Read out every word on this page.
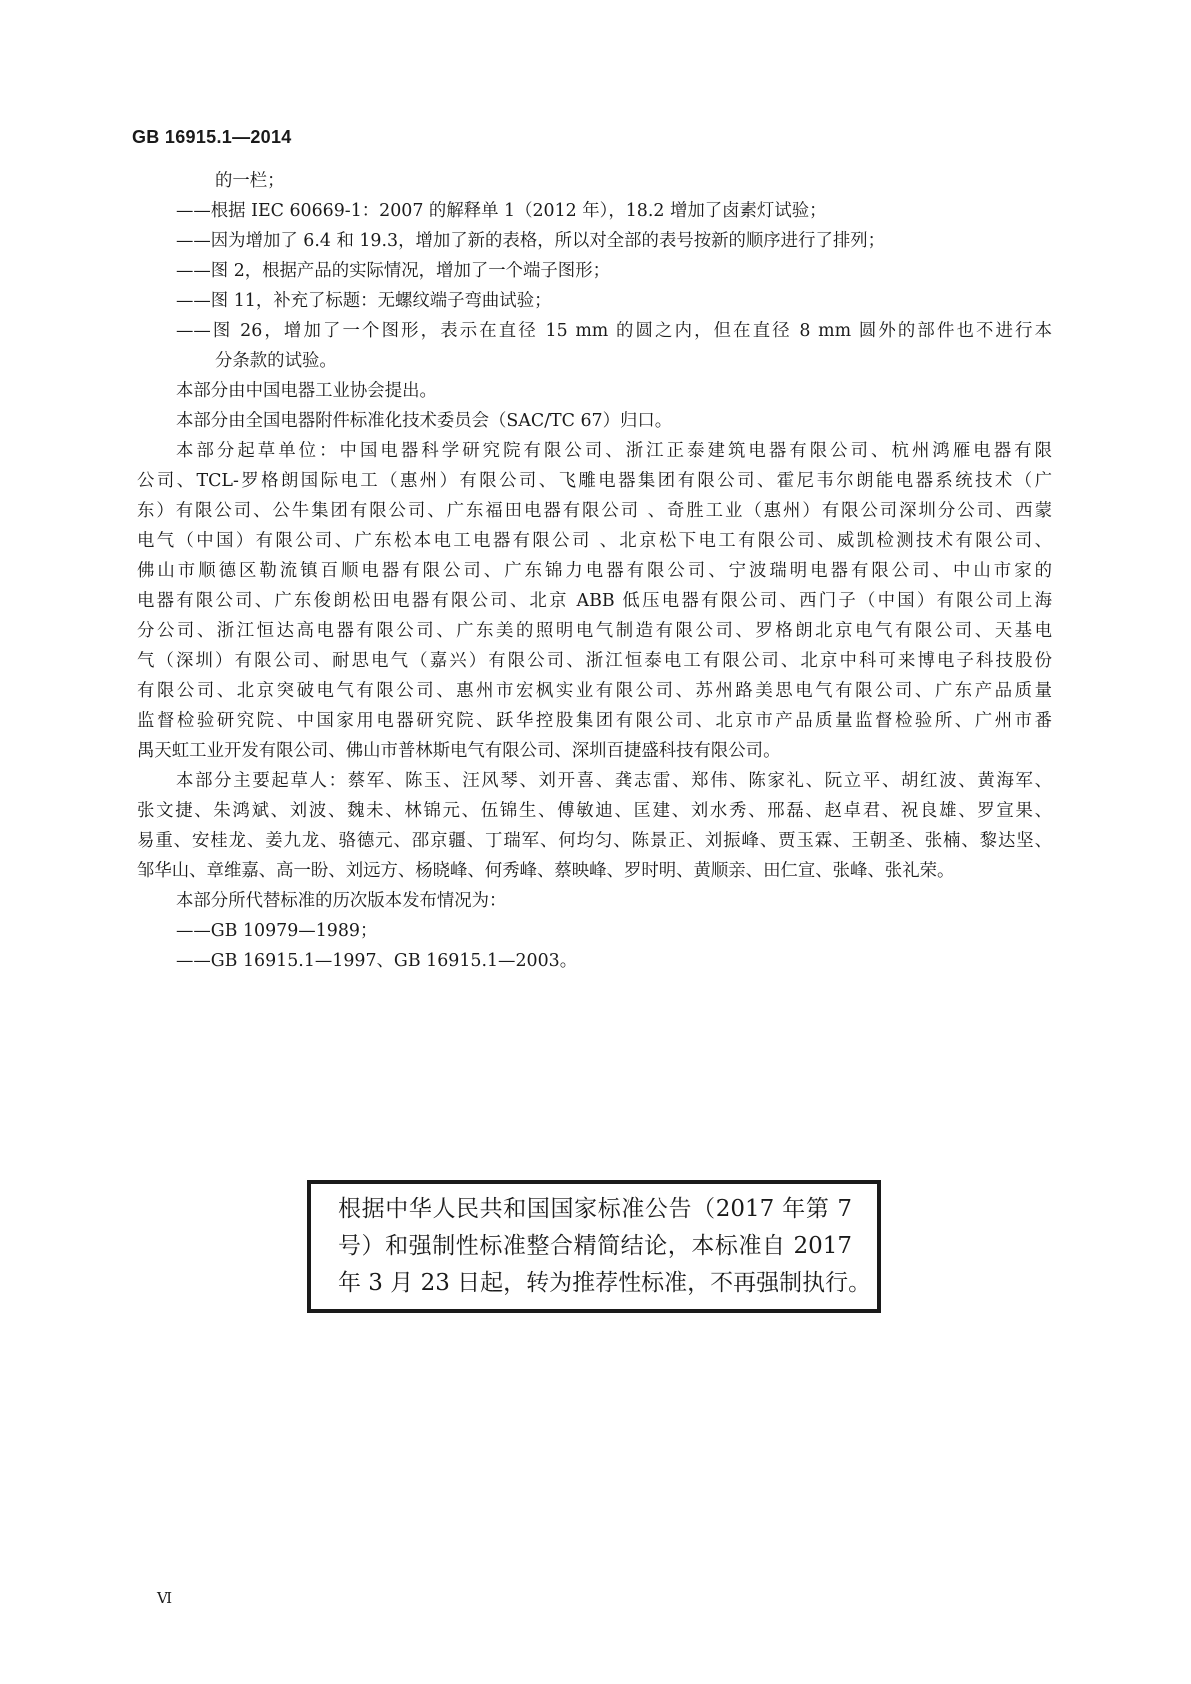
GB 16915.1—2014
的一栏；
——根据 IEC 60669-1：2007 的解释单 1（2012 年），18.2 增加了卤素灯试验；
——因为增加了 6.4 和 19.3，增加了新的表格，所以对全部的表号按新的顺序进行了排列；
——图 2，根据产品的实际情况，增加了一个端子图形；
——图 11，补充了标题：无螺纹端子弯曲试验；
——图 26，增加了一个图形，表示在直径 15 mm 的圆之内，但在直径 8 mm 圆外的部件也不进行本
分条款的试验。
本部分由中国电器工业协会提出。
本部分由全国电器附件标准化技术委员会（SAC/TC 67）归口。
本部分起草单位：中国电器科学研究院有限公司、浙江正泰建筑电器有限公司、杭州鸿雁电器有限
公司、TCL-罗格朗国际电工（惠州）有限公司、飞雕电器集团有限公司、霍尼韦尔朗能电器系统技术（广
东）有限公司、公牛集团有限公司、广东福田电器有限公司 、奇胜工业（惠州）有限公司深圳分公司、西蒙
电气（中国）有限公司、广东松本电工电器有限公司 、北京松下电工有限公司、威凯检测技术有限公司、
佛山市顺德区勒流镇百顺电器有限公司、广东锦力电器有限公司、宁波瑞明电器有限公司、中山市家的
电器有限公司、广东俊朗松田电器有限公司、北京 ABB 低压电器有限公司、西门子（中国）有限公司上海
分公司、浙江恒达高电器有限公司、广东美的照明电气制造有限公司、罗格朗北京电气有限公司、天基电
气（深圳）有限公司、耐思电气（嘉兴）有限公司、浙江恒泰电工有限公司、北京中科可来博电子科技股份
有限公司、北京突破电气有限公司、惠州市宏枫实业有限公司、苏州路美思电气有限公司、广东产品质量
监督检验研究院、中国家用电器研究院、跃华控股集团有限公司、北京市产品质量监督检验所、广州市番
禺天虹工业开发有限公司、佛山市普林斯电气有限公司、深圳百捷盛科技有限公司。
本部分主要起草人：蔡军、陈玉、汪风琴、刘开喜、龚志雷、郑伟、陈家礼、阮立平、胡红波、黄海军、
张文捷、朱鸿斌、刘波、魏未、林锦元、伍锦生、傅敏迪、匡建、刘水秀、邢磊、赵卓君、祝良雄、罗宣果、
易重、安桂龙、姜九龙、骆德元、邵京疆、丁瑞军、何均匀、陈景正、刘振峰、贾玉霖、王朝圣、张楠、黎达坚、
邹华山、章维嘉、高一盼、刘远方、杨晓峰、何秀峰、蔡映峰、罗时明、黄顺亲、田仁宣、张峰、张礼荣。
本部分所代替标准的历次版本发布情况为：
——GB 10979—1989；
——GB 16915.1—1997、GB 16915.1—2003。
根据中华人民共和国国家标准公告（2017 年第 7
号）和强制性标准整合精简结论，本标准自 2017
年 3 月 23 日起，转为推荐性标准，不再强制执行。
Ⅵ
